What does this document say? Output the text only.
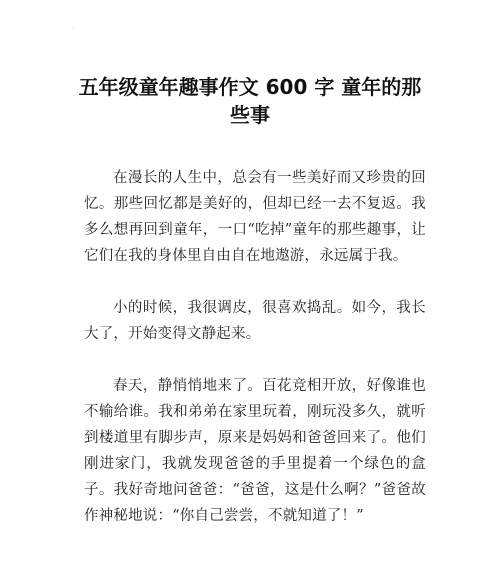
·
五年级童年趣事作文 600 字 童年的那些事

在漫长的人生中，总会有一些美好而又珍贵的回忆。那些回忆都是美好的，但却已经一去不复返。我多么想再回到童年，一口“吃掉”童年的那些趣事，让它们在我的身体里自由自在地遨游，永远属于我。

小的时候，我很调皮，很喜欢捣乱。如今，我长大了，开始变得文静起来。

春天，静悄悄地来了。百花竞相开放，好像谁也不输给谁。我和弟弟在家里玩着，刚玩没多久，就听到楼道里有脚步声，原来是妈妈和爸爸回来了。他们刚进家门，我就发现爸爸的手里提着一个绿色的盒子。我好奇地问爸爸：“爸爸，这是什么啊？”爸爸故作神秘地说：“你自己尝尝，不就知道了！”
